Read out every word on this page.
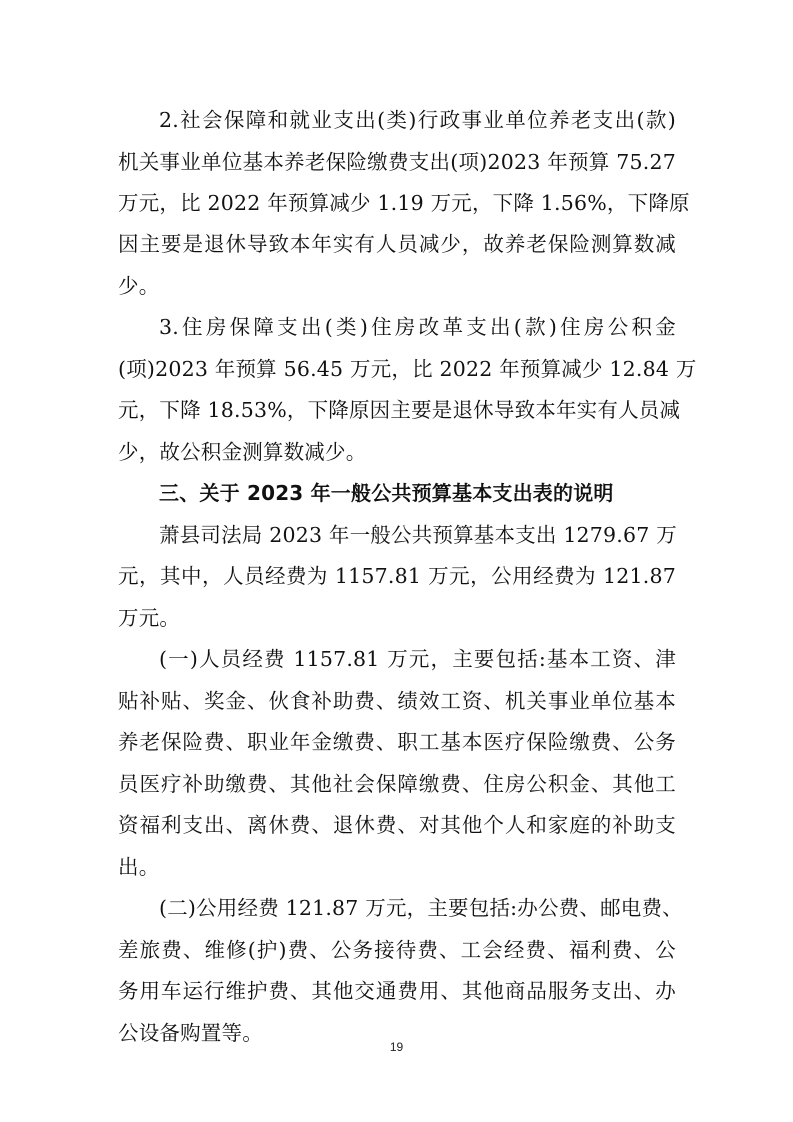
2.社会保障和就业支出(类)行政事业单位养老支出(款)
机关事业单位基本养老保险缴费支出(项)2023 年预算 75.27
万元，比 2022 年预算减少 1.19 万元，下降 1.56%，下降原
因主要是退休导致本年实有人员减少，故养老保险测算数减
少。
3.住房保障支出(类)住房改革支出(款)住房公积金
(项)2023 年预算 56.45 万元，比 2022 年预算减少 12.84 万
元，下降 18.53%，下降原因主要是退休导致本年实有人员减
少，故公积金测算数减少。
三、关于 2023 年一般公共预算基本支出表的说明
萧县司法局 2023 年一般公共预算基本支出 1279.67 万
元，其中，人员经费为 1157.81 万元，公用经费为 121.87
万元。
(一)人员经费 1157.81 万元，主要包括:基本工资、津
贴补贴、奖金、伙食补助费、绩效工资、机关事业单位基本
养老保险费、职业年金缴费、职工基本医疗保险缴费、公务
员医疗补助缴费、其他社会保障缴费、住房公积金、其他工
资福利支出、离休费、退休费、对其他个人和家庭的补助支
出。
(二)公用经费 121.87 万元，主要包括:办公费、邮电费、
差旅费、维修(护)费、公务接待费、工会经费、福利费、公
务用车运行维护费、其他交通费用、其他商品服务支出、办
公设备购置等。
19
